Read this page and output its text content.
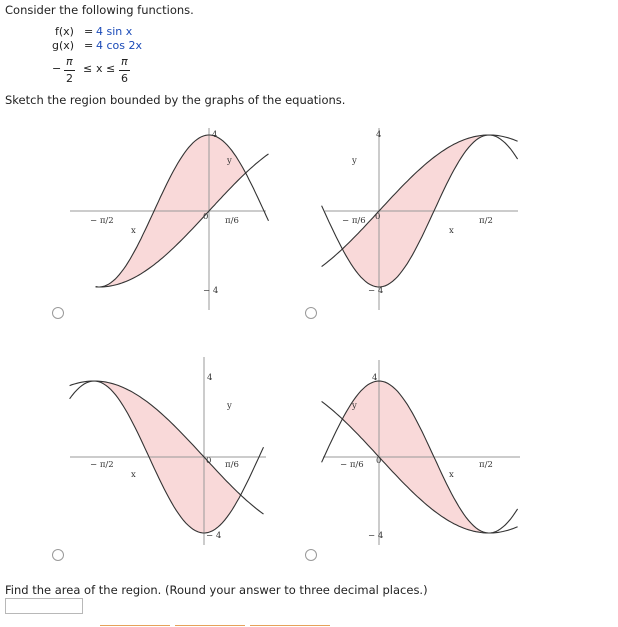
Consider the following functions.
f(x) = 4 sin x
g(x) = 4 cos 2x
−
π
2
≤ x ≤
π
6
Sketch the region bounded by the graphs of the equations.
4
y
− π/2
x
0 π/6
− 4
4
y
− π/6 0	π/2
x
− 4
4
y
− π/2
x
0 π/6
− 4
4
y
− π/6 0	π/2
x
− 4
Find the area of the region. (Round your answer to three decimal places.)
